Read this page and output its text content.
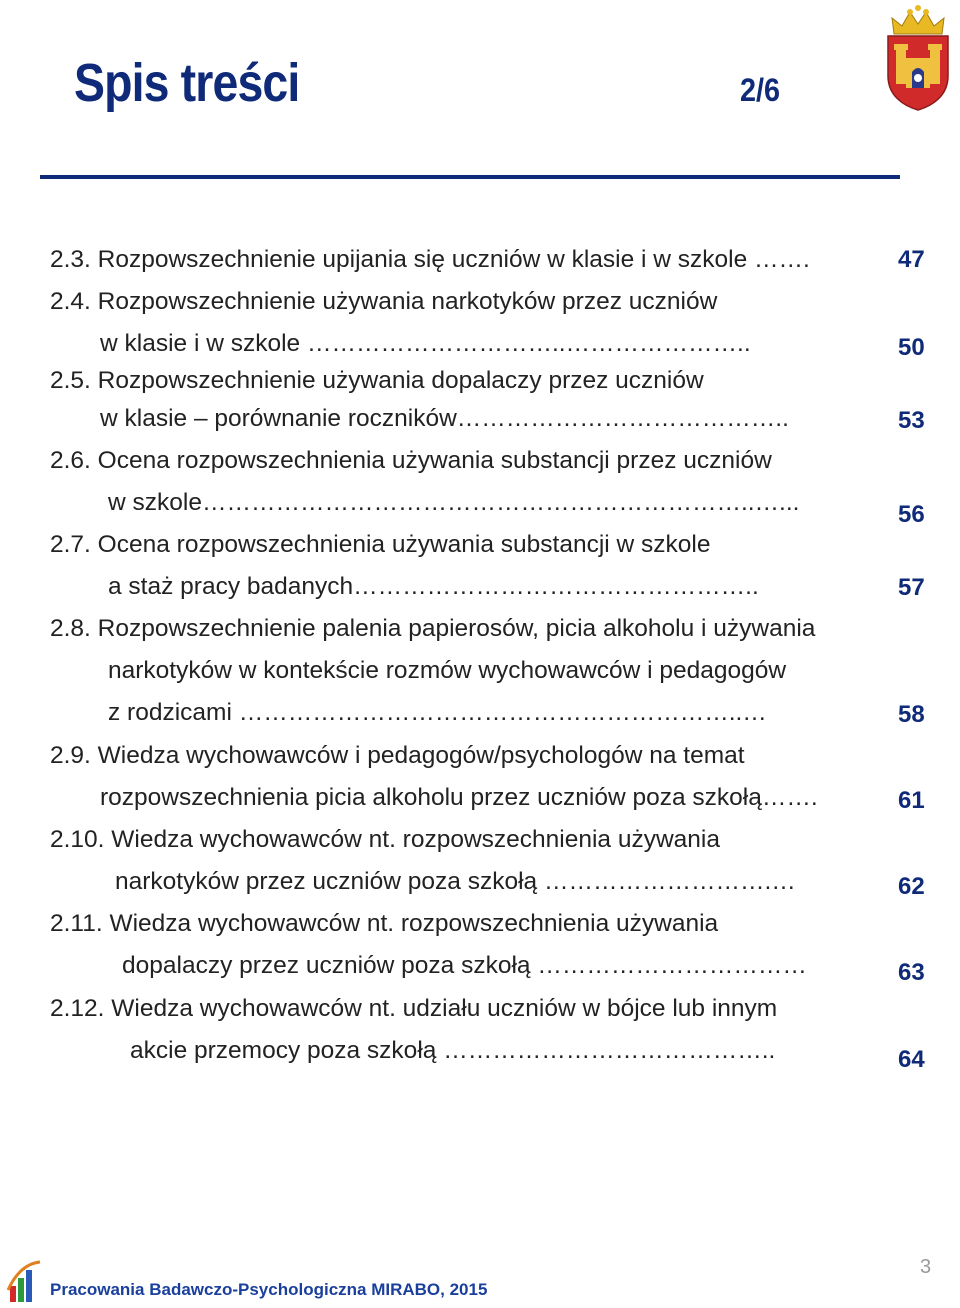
Spis treści	2/6
2.3. Rozpowszechnienie upijania się uczniów w klasie i w szkole …….	47
2.4. Rozpowszechnienie używania narkotyków przez uczniów
w klasie i w szkole …………………………..…………………..	50
2.5. Rozpowszechnienie używania dopalaczy przez uczniów
w klasie – porównanie roczników…………………………………..	53
2.6. Ocena rozpowszechnienia używania substancji przez uczniów
w szkole…………………………………………………………..…...	56
2.7. Ocena rozpowszechnienia używania substancji w szkole
a staż pracy badanych…………………………………………..	57
2.8. Rozpowszechnienie palenia papierosów, picia alkoholu i używania
narkotyków w kontekście rozmów wychowawców i pedagogów
z rodzicami ……………………………………………………..…	58
2.9. Wiedza wychowawców i pedagogów/psychologów na temat
rozpowszechnienia picia alkoholu przez uczniów poza szkołą…….	61
2.10. Wiedza wychowawców nt. rozpowszechnienia używania
narkotyków przez uczniów poza szkołą ……………………….…	62
2.11. Wiedza wychowawców nt. rozpowszechnienia używania
dopalaczy przez uczniów poza szkołą ……………………………	63
2.12. Wiedza wychowawców nt. udziału uczniów w bójce lub innym
akcie przemocy poza szkołą …………………………………..	64
Pracowania Badawczo-Psychologiczna MIRABO, 2015
3
